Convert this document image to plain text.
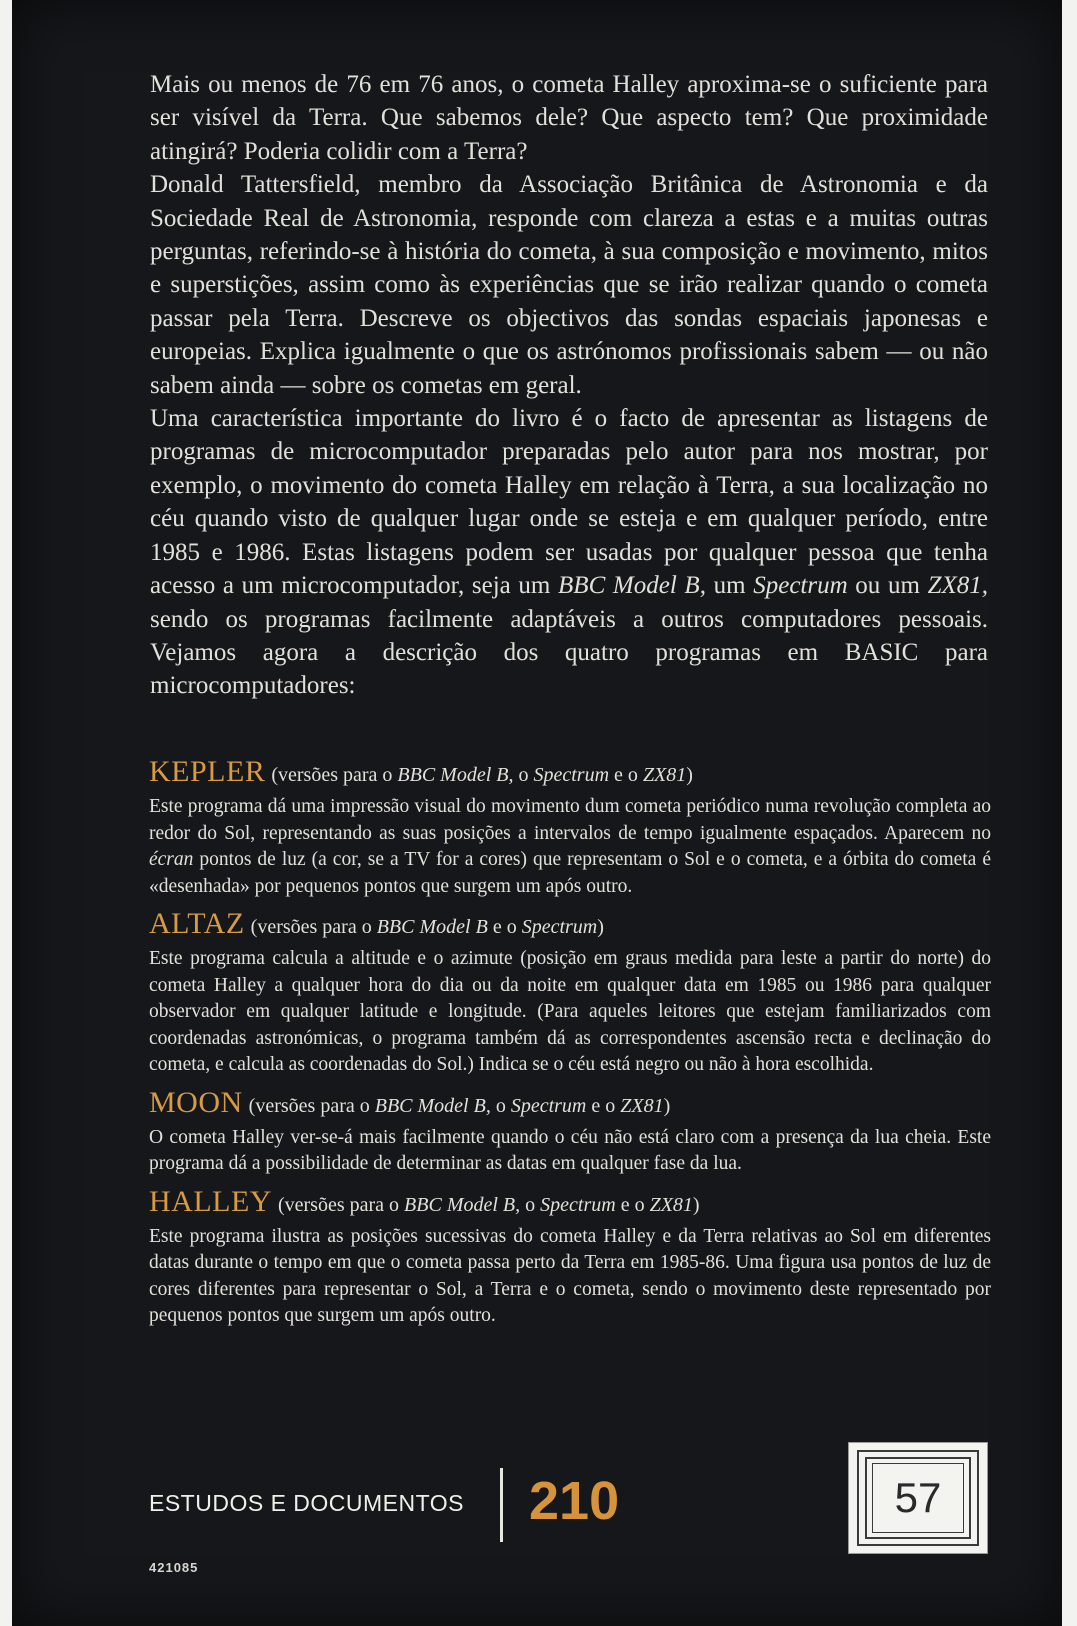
Mais ou menos de 76 em 76 anos, o cometa Halley aproxima-se o suficiente para ser visível da Terra. Que sabemos dele? Que aspecto tem? Que proximidade atingirá? Poderia colidir com a Terra?

Donald Tattersfield, membro da Associação Britânica de Astronomia e da Sociedade Real de Astronomia, responde com clareza a estas e a muitas outras perguntas, referindo-se à história do cometa, à sua composição e movimento, mitos e superstições, assim como às experiências que se irão realizar quando o cometa passar pela Terra. Descreve os objectivos das sondas espaciais japonesas e europeias. Explica igualmente o que os astrónomos profissionais sabem — ou não sabem ainda — sobre os cometas em geral.

Uma característica importante do livro é o facto de apresentar as listagens de programas de microcomputador preparadas pelo autor para nos mostrar, por exemplo, o movimento do cometa Halley em relação à Terra, a sua localização no céu quando visto de qualquer lugar onde se esteja e em qualquer período, entre 1985 e 1986. Estas listagens podem ser usadas por qualquer pessoa que tenha acesso a um microcomputador, seja um BBC Model B, um Spectrum ou um ZX81, sendo os programas facilmente adaptáveis a outros computadores pessoais. Vejamos agora a descrição dos quatro programas em BASIC para microcomputadores:

KEPLER (versões para o BBC Model B, o Spectrum e o ZX81)

Este programa dá uma impressão visual do movimento dum cometa periódico numa revolução completa ao redor do Sol, representando as suas posições a intervalos de tempo igualmente espaçados. Aparecem no écran pontos de luz (a cor, se a TV for a cores) que representam o Sol e o cometa, e a órbita do cometa é «desenhada» por pequenos pontos que surgem um após outro.

ALTAZ (versões para o BBC Model B e o Spectrum)

Este programa calcula a altitude e o azimute (posição em graus medida para leste a partir do norte) do cometa Halley a qualquer hora do dia ou da noite em qualquer data em 1985 ou 1986 para qualquer observador em qualquer latitude e longitude. (Para aqueles leitores que estejam familiarizados com coordenadas astronómicas, o programa também dá as correspondentes ascensão recta e declinação do cometa, e calcula as coordenadas do Sol.) Indica se o céu está negro ou não à hora escolhida.

MOON (versões para o BBC Model B, o Spectrum e o ZX81)

O cometa Halley ver-se-á mais facilmente quando o céu não está claro com a presença da lua cheia. Este programa dá a possibilidade de determinar as datas em qualquer fase da lua.

HALLEY (versões para o BBC Model B, o Spectrum e o ZX81)

Este programa ilustra as posições sucessivas do cometa Halley e da Terra relativas ao Sol em diferentes datas durante o tempo em que o cometa passa perto da Terra em 1985-86. Uma figura usa pontos de luz de cores diferentes para representar o Sol, a Terra e o cometa, sendo o movimento deste representado por pequenos pontos que surgem um após outro.

ESTUDOS E DOCUMENTOS 210
421085
57
